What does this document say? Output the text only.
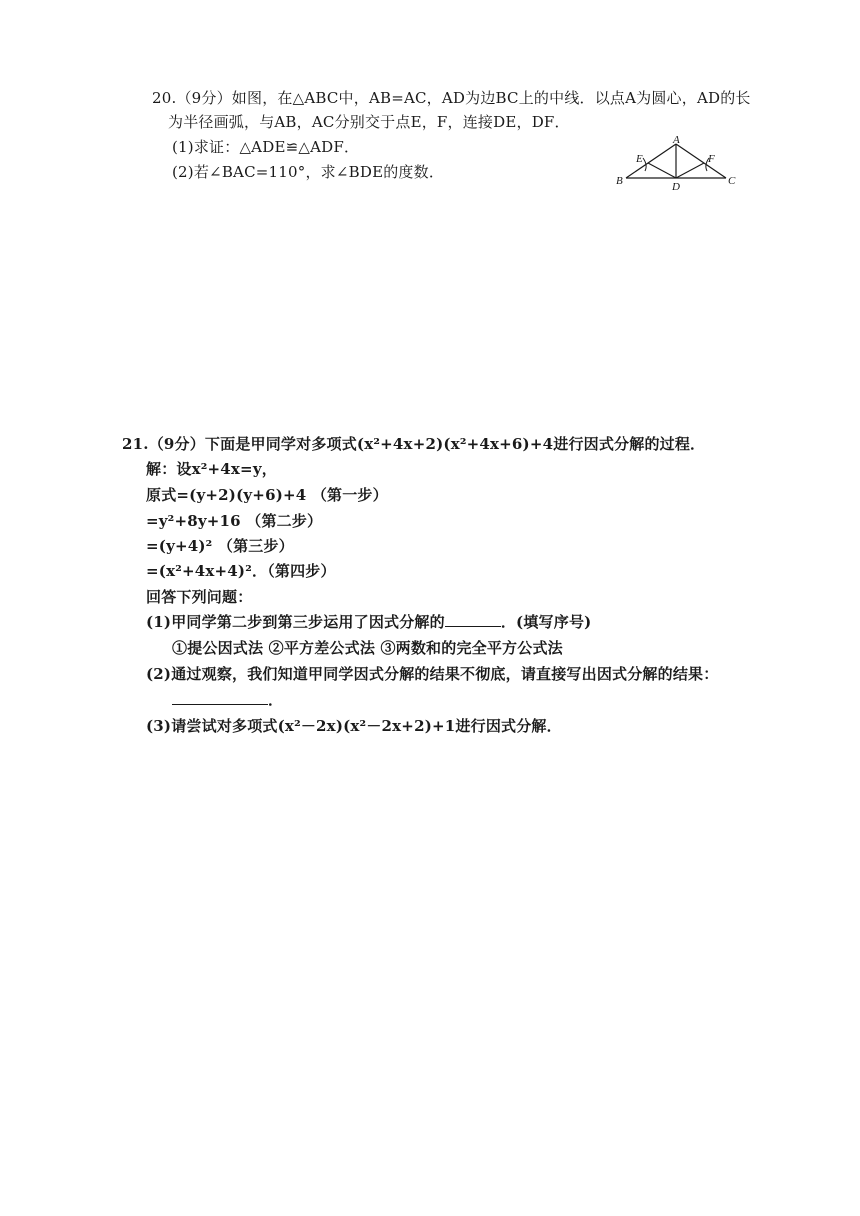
20.（9分）如图，在△ABC中，AB=AC，AD为边BC上的中线．以点A为圆心，AD的长
为半径画弧，与AB，AC分别交于点E，F，连接DE，DF．
(1)求证：△ADE≌△ADF．
(2)若∠BAC=110°，求∠BDE的度数．
A
B	C
D
E	F
21.（9分）下面是甲同学对多项式(x²+4x+2)(x²+4x+6)+4进行因式分解的过程．
解：设x²+4x=y，
原式=(y+2)(y+6)+4 （第一步）
=y²+8y+16 （第二步）
=(y+4)² （第三步）
=(x²+4x+4)²．（第四步）
回答下列问题：
(1)甲同学第二步到第三步运用了因式分解的	．(填写序号)
①提公因式法 ②平方差公式法 ③两数和的完全平方公式法
(2)通过观察，我们知道甲同学因式分解的结果不彻底，请直接写出因式分解的结果：
．
(3)请尝试对多项式(x²－2x)(x²－2x+2)+1进行因式分解．
